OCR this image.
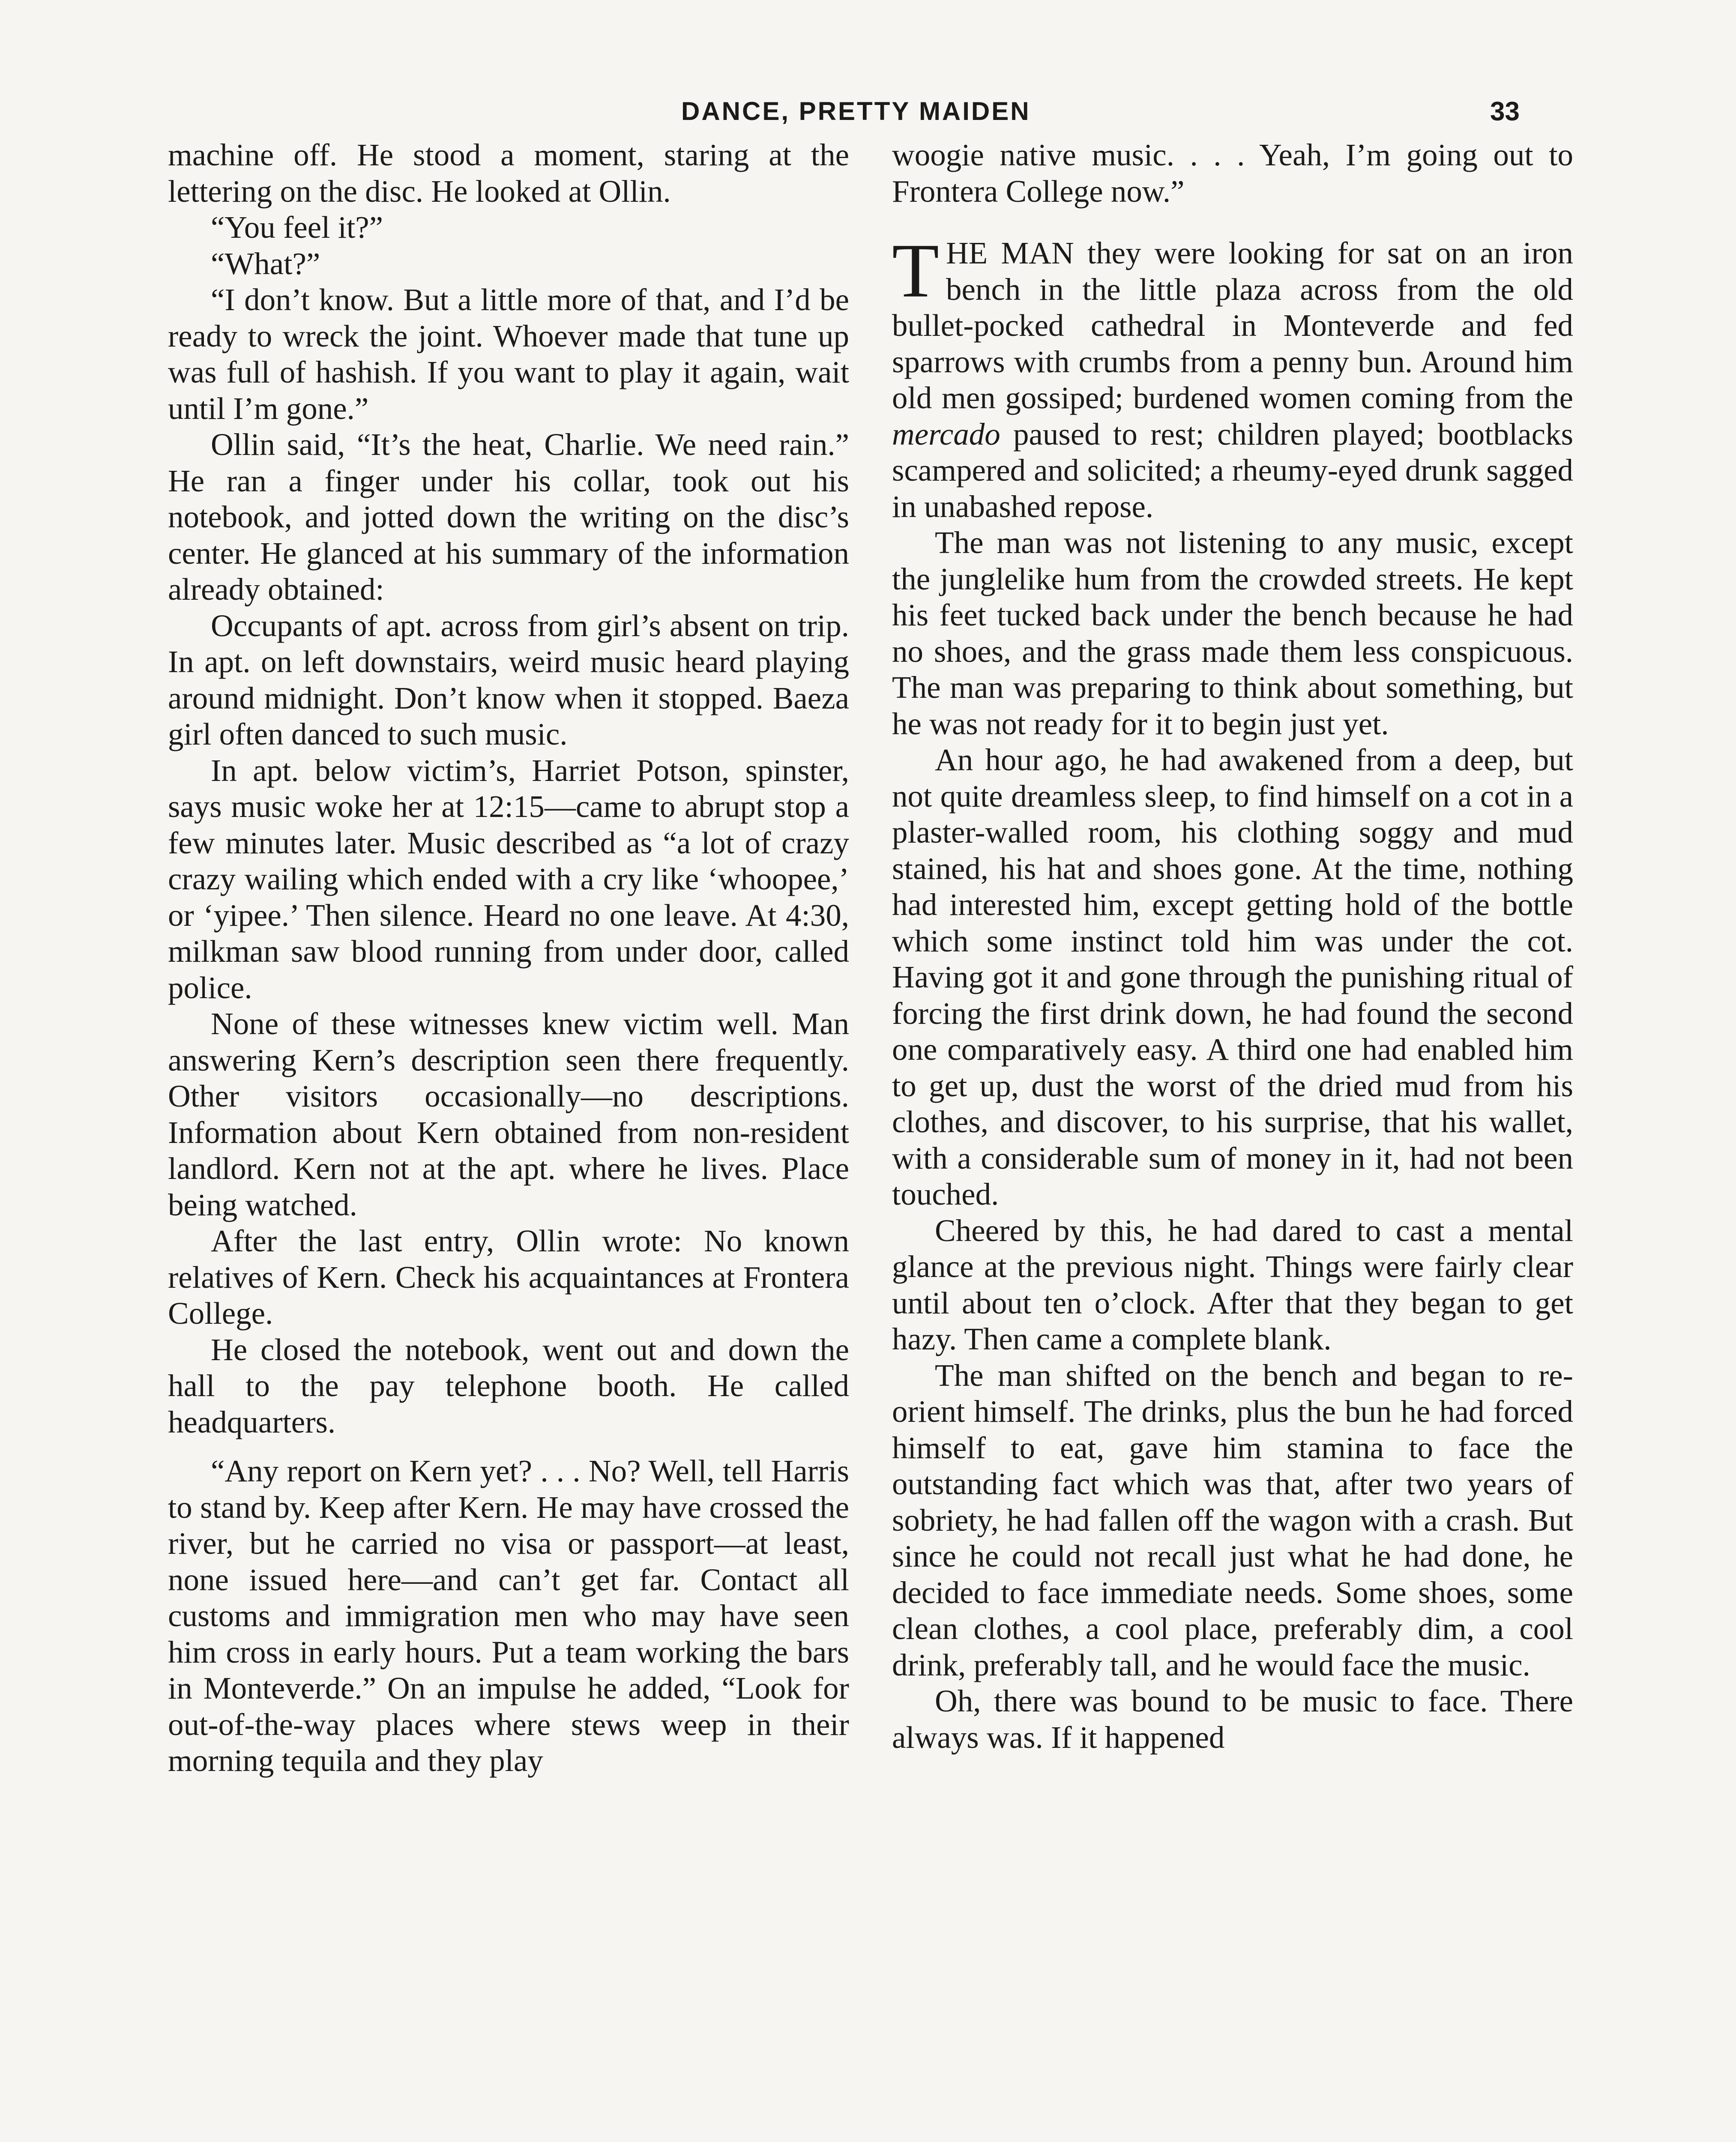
DANCE, PRETTY MAIDEN	33

machine off. He stood a moment, staring at the lettering on the disc. He looked at Ollin.

“You feel it?”

“What?”

“I don’t know. But a little more of that, and I’d be ready to wreck the joint. Whoever made that tune up was full of hashish. If you want to play it again, wait until I’m gone.”

Ollin said, “It’s the heat, Charlie. We need rain.” He ran a finger under his collar, took out his notebook, and jotted down the writing on the disc’s center. He glanced at his summary of the information already obtained:

Occupants of apt. across from girl’s absent on trip. In apt. on left downstairs, weird music heard playing around midnight. Don’t know when it stopped. Baeza girl often danced to such music.

In apt. below victim’s, Harriet Potson, spinster, says music woke her at 12:15—came to abrupt stop a few minutes later. Music described as “a lot of crazy crazy wailing which ended with a cry like ‘whoopee,’ or ‘yipee.’ Then silence. Heard no one leave. At 4:30, milkman saw blood running from under door, called police.

None of these witnesses knew victim well. Man answering Kern’s description seen there frequently. Other visitors occasionally—no descriptions. Information about Kern obtained from non-resident landlord. Kern not at the apt. where he lives. Place being watched.

After the last entry, Ollin wrote: No known relatives of Kern. Check his acquaintances at Frontera College.

He closed the notebook, went out and down the hall to the pay telephone booth. He called headquarters.

“Any report on Kern yet? . . . No? Well, tell Harris to stand by. Keep after Kern. He may have crossed the river, but he carried no visa or passport—at least, none issued here—and can’t get far. Contact all customs and immigration men who may have seen him cross in early hours. Put a team working the bars in Monteverde.” On an impulse he added, “Look for out-of-the-way places where stews weep in their morning tequila and they play

woogie native music. . . . Yeah, I’m going out to Frontera College now.”

THE MAN they were looking for sat on an iron bench in the little plaza across from the old bullet-pocked cathedral in Monteverde and fed sparrows with crumbs from a penny bun. Around him old men gossiped; burdened women coming from the mercado paused to rest; children played; bootblacks scampered and solicited; a rheumy-eyed drunk sagged in unabashed repose.

The man was not listening to any music, except the junglelike hum from the crowded streets. He kept his feet tucked back under the bench because he had no shoes, and the grass made them less conspicuous. The man was preparing to think about something, but he was not ready for it to begin just yet.

An hour ago, he had awakened from a deep, but not quite dreamless sleep, to find himself on a cot in a plaster-walled room, his clothing soggy and mud stained, his hat and shoes gone. At the time, nothing had interested him, except getting hold of the bottle which some instinct told him was under the cot. Having got it and gone through the punishing ritual of forcing the first drink down, he had found the second one comparatively easy. A third one had enabled him to get up, dust the worst of the dried mud from his clothes, and discover, to his surprise, that his wallet, with a considerable sum of money in it, had not been touched.

Cheered by this, he had dared to cast a mental glance at the previous night. Things were fairly clear until about ten o’clock. After that they began to get hazy. Then came a complete blank.

The man shifted on the bench and began to re-orient himself. The drinks, plus the bun he had forced himself to eat, gave him stamina to face the outstanding fact which was that, after two years of sobriety, he had fallen off the wagon with a crash. But since he could not recall just what he had done, he decided to face immediate needs. Some shoes, some clean clothes, a cool place, preferably dim, a cool drink, preferably tall, and he would face the music.

Oh, there was bound to be music to face. There always was. If it happened
